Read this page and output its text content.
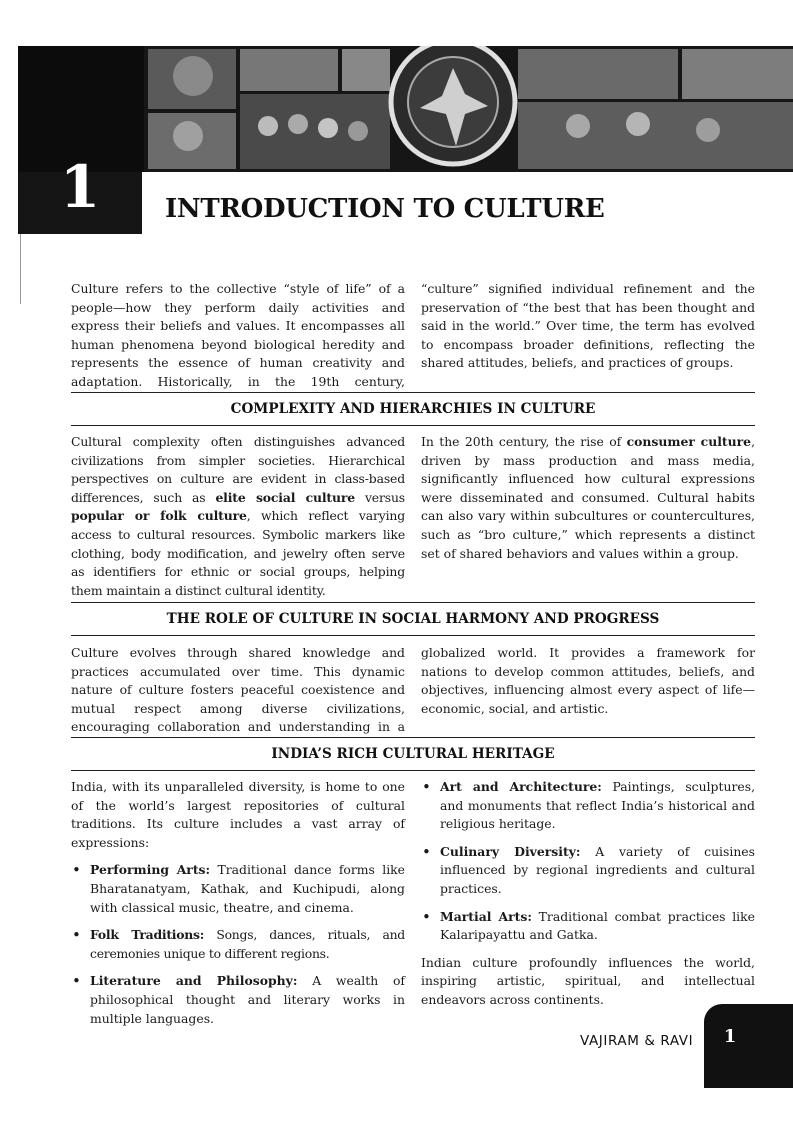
1	INTRODUCTION TO CULTURE

Culture refers to the collective “style of life” of a people—how they perform daily activities and express their beliefs and values. It encompasses all human phenomena beyond biological heredity and represents the essence of human creativity and adaptation. Historically, in the 19th century, “culture” signified individual refinement and the preservation of “the best that has been thought and said in the world.” Over time, the term has evolved to encompass broader definitions, reflecting the shared attitudes, beliefs, and practices of groups.

COMPLEXITY AND HIERARCHIES IN CULTURE

Cultural complexity often distinguishes advanced civilizations from simpler societies. Hierarchical perspectives on culture are evident in class-based differences, such as elite social culture versus popular or folk culture, which reflect varying access to cultural resources. Symbolic markers like clothing, body modification, and jewelry often serve as identifiers for ethnic or social groups, helping them maintain a distinct cultural identity.

In the 20th century, the rise of consumer culture, driven by mass production and mass media, significantly influenced how cultural expressions were disseminated and consumed. Cultural habits can also vary within subcultures or countercultures, such as “bro culture,” which represents a distinct set of shared behaviors and values within a group.

THE ROLE OF CULTURE IN SOCIAL HARMONY AND PROGRESS

Culture evolves through shared knowledge and practices accumulated over time. This dynamic nature of culture fosters peaceful coexistence and mutual respect among diverse civilizations, encouraging collaboration and understanding in a globalized world. It provides a framework for nations to develop common attitudes, beliefs, and objectives, influencing almost every aspect of life—economic, social, and artistic.

INDIA’S RICH CULTURAL HERITAGE

India, with its unparalleled diversity, is home to one of the world’s largest repositories of cultural traditions. Its culture includes a vast array of expressions:

• Performing Arts: Traditional dance forms like Bharatanatyam, Kathak, and Kuchipudi, along with classical music, theatre, and cinema.
• Folk Traditions: Songs, dances, rituals, and ceremonies unique to different regions.
• Literature and Philosophy: A wealth of philosophical thought and literary works in multiple languages.
• Art and Architecture: Paintings, sculptures, and monuments that reflect India’s historical and religious heritage.
• Culinary Diversity: A variety of cuisines influenced by regional ingredients and cultural practices.
• Martial Arts: Traditional combat practices like Kalaripayattu and Gatka.

Indian culture profoundly influences the world, inspiring artistic, spiritual, and intellectual endeavors across continents.

VAJIRAM & RAVI	1
